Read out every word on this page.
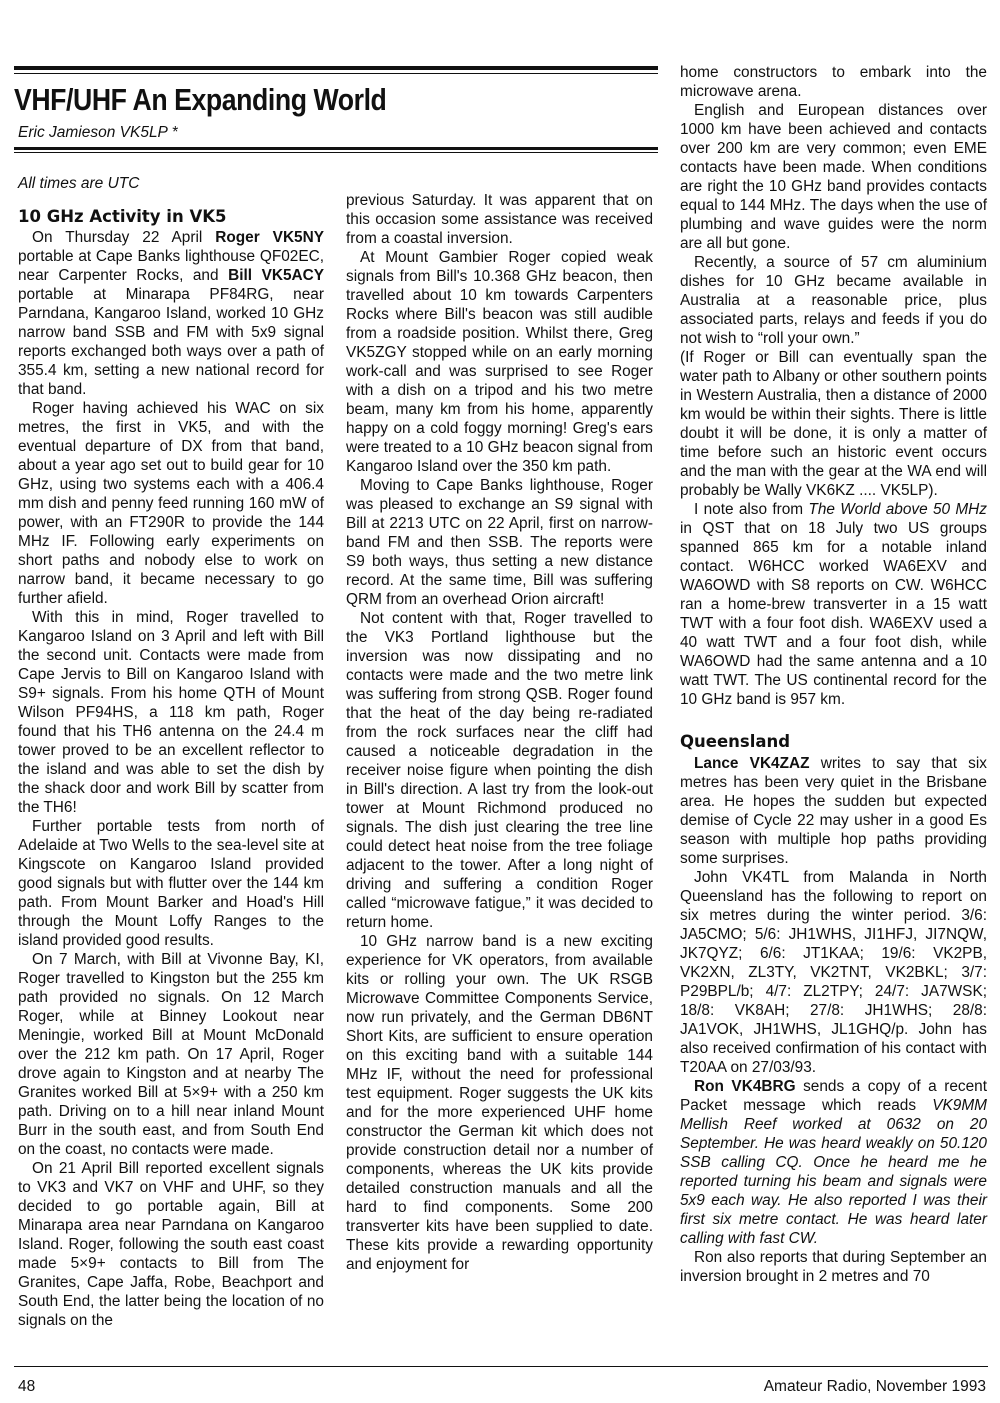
VHF/UHF An Expanding World
Eric Jamieson VK5LP *
All times are UTC
10 GHz Activity in VK5

On Thursday 22 April Roger VK5NY portable at Cape Banks lighthouse QF02EC, near Carpenter Rocks, and Bill VK5ACY portable at Minarapa PF84RG, near Parndana, Kangaroo Island, worked 10 GHz narrow band SSB and FM with 5x9 signal reports exchanged both ways over a path of 355.4 km, setting a new national record for that band.

Roger having achieved his WAC on six metres, the first in VK5, and with the eventual departure of DX from that band, about a year ago set out to build gear for 10 GHz, using two systems each with a 406.4 mm dish and penny feed running 160 mW of power, with an FT290R to provide the 144 MHz IF. Following early experiments on short paths and nobody else to work on narrow band, it became necessary to go further afield.

With this in mind, Roger travelled to Kangaroo Island on 3 April and left with Bill the second unit. Contacts were made from Cape Jervis to Bill on Kangaroo Island with S9+ signals. From his home QTH of Mount Wilson PF94HS, a 118 km path, Roger found that his TH6 antenna on the 24.4 m tower proved to be an excellent reflector to the island and was able to set the dish by the shack door and work Bill by scatter from the TH6!

Further portable tests from north of Adelaide at Two Wells to the sea-level site at Kingscote on Kangaroo Island provided good signals but with flutter over the 144 km path. From Mount Barker and Hoad's Hill through the Mount Loffy Ranges to the island provided good results.

On 7 March, with Bill at Vivonne Bay, KI, Roger travelled to Kingston but the 255 km path provided no signals. On 12 March Roger, while at Binney Lookout near Meningie, worked Bill at Mount McDonald over the 212 km path. On 17 April, Roger drove again to Kingston and at nearby The Granites worked Bill at 5×9+ with a 250 km path. Driving on to a hill near inland Mount Burr in the south east, and from South End on the coast, no contacts were made.

On 21 April Bill reported excellent signals to VK3 and VK7 on VHF and UHF, so they decided to go portable again, Bill at Minarapa area near Parndana on Kangaroo Island. Roger, following the south east coast made 5×9+ contacts to Bill from The Granites, Cape Jaffa, Robe, Beachport and South End, the latter being the location of no signals on the

previous Saturday. It was apparent that on this occasion some assistance was received from a coastal inversion.

At Mount Gambier Roger copied weak signals from Bill's 10.368 GHz beacon, then travelled about 10 km towards Carpenters Rocks where Bill's beacon was still audible from a roadside position. Whilst there, Greg VK5ZGY stopped while on an early morning work-call and was surprised to see Roger with a dish on a tripod and his two metre beam, many km from his home, apparently happy on a cold foggy morning! Greg's ears were treated to a 10 GHz beacon signal from Kangaroo Island over the 350 km path.

Moving to Cape Banks lighthouse, Roger was pleased to exchange an S9 signal with Bill at 2213 UTC on 22 April, first on narrow-band FM and then SSB. The reports were S9 both ways, thus setting a new distance record. At the same time, Bill was suffering QRM from an overhead Orion aircraft!

Not content with that, Roger travelled to the VK3 Portland lighthouse but the inversion was now dissipating and no contacts were made and the two metre link was suffering from strong QSB. Roger found that the heat of the day being re-radiated from the rock surfaces near the cliff had caused a noticeable degradation in the receiver noise figure when pointing the dish in Bill's direction. A last try from the look-out tower at Mount Richmond produced no signals. The dish just clearing the tree line could detect heat noise from the tree foliage adjacent to the tower. After a long night of driving and suffering a condition Roger called “microwave fatigue,” it was decided to return home.

10 GHz narrow band is a new exciting experience for VK operators, from available kits or rolling your own. The UK RSGB Microwave Committee Components Service, now run privately, and the German DB6NT Short Kits, are sufficient to ensure operation on this exciting band with a suitable 144 MHz IF, without the need for professional test equipment. Roger suggests the UK kits and for the more experienced UHF home constructor the German kit which does not provide construction detail nor a number of components, whereas the UK kits provide detailed construction manuals and all the hard to find components. Some 200 transverter kits have been supplied to date. These kits provide a rewarding opportunity and enjoyment for

home constructors to embark into the microwave arena.

English and European distances over 1000 km have been achieved and contacts over 200 km are very common; even EME contacts have been made. When conditions are right the 10 GHz band provides contacts equal to 144 MHz. The days when the use of plumbing and wave guides were the norm are all but gone.

Recently, a source of 57 cm aluminium dishes for 10 GHz became available in Australia at a reasonable price, plus associated parts, relays and feeds if you do not wish to “roll your own.”

(If Roger or Bill can eventually span the water path to Albany or other southern points in Western Australia, then a distance of 2000 km would be within their sights. There is little doubt it will be done, it is only a matter of time before such an historic event occurs and the man with the gear at the WA end will probably be Wally VK6KZ .... VK5LP).

I note also from The World above 50 MHz in QST that on 18 July two US groups spanned 865 km for a notable inland contact. W6HCC worked WA6EXV and WA6OWD with S8 reports on CW. W6HCC ran a home-brew transverter in a 15 watt TWT with a four foot dish. WA6EXV used a 40 watt TWT and a four foot dish, while WA6OWD had the same antenna and a 10 watt TWT. The US continental record for the 10 GHz band is 957 km.

Queensland

Lance VK4ZAZ writes to say that six metres has been very quiet in the Brisbane area. He hopes the sudden but expected demise of Cycle 22 may usher in a good Es season with multiple hop paths providing some surprises.

John VK4TL from Malanda in North Queensland has the following to report on six metres during the winter period. 3/6: JA5CMO; 5/6: JH1WHS, JI1HFJ, JI7NQW, JK7QYZ; 6/6: JT1KAA; 19/6: VK2PB, VK2XN, ZL3TY, VK2TNT, VK2BKL; 3/7: P29BPL/b; 4/7: ZL2TPY; 24/7: JA7WSK; 18/8: VK8AH; 27/8: JH1WHS; 28/8: JA1VOK, JH1WHS, JL1GHQ/p. John has also received confirmation of his contact with T20AA on 27/03/93.

Ron VK4BRG sends a copy of a recent Packet message which reads VK9MM Mellish Reef worked at 0632 on 20 September. He was heard weakly on 50.120 SSB calling CQ. Once he heard me he reported turning his beam and signals were 5x9 each way. He also reported I was their first six metre contact. He was heard later calling with fast CW.

Ron also reports that during September an inversion brought in 2 metres and 70

48	Amateur Radio, November 1993
